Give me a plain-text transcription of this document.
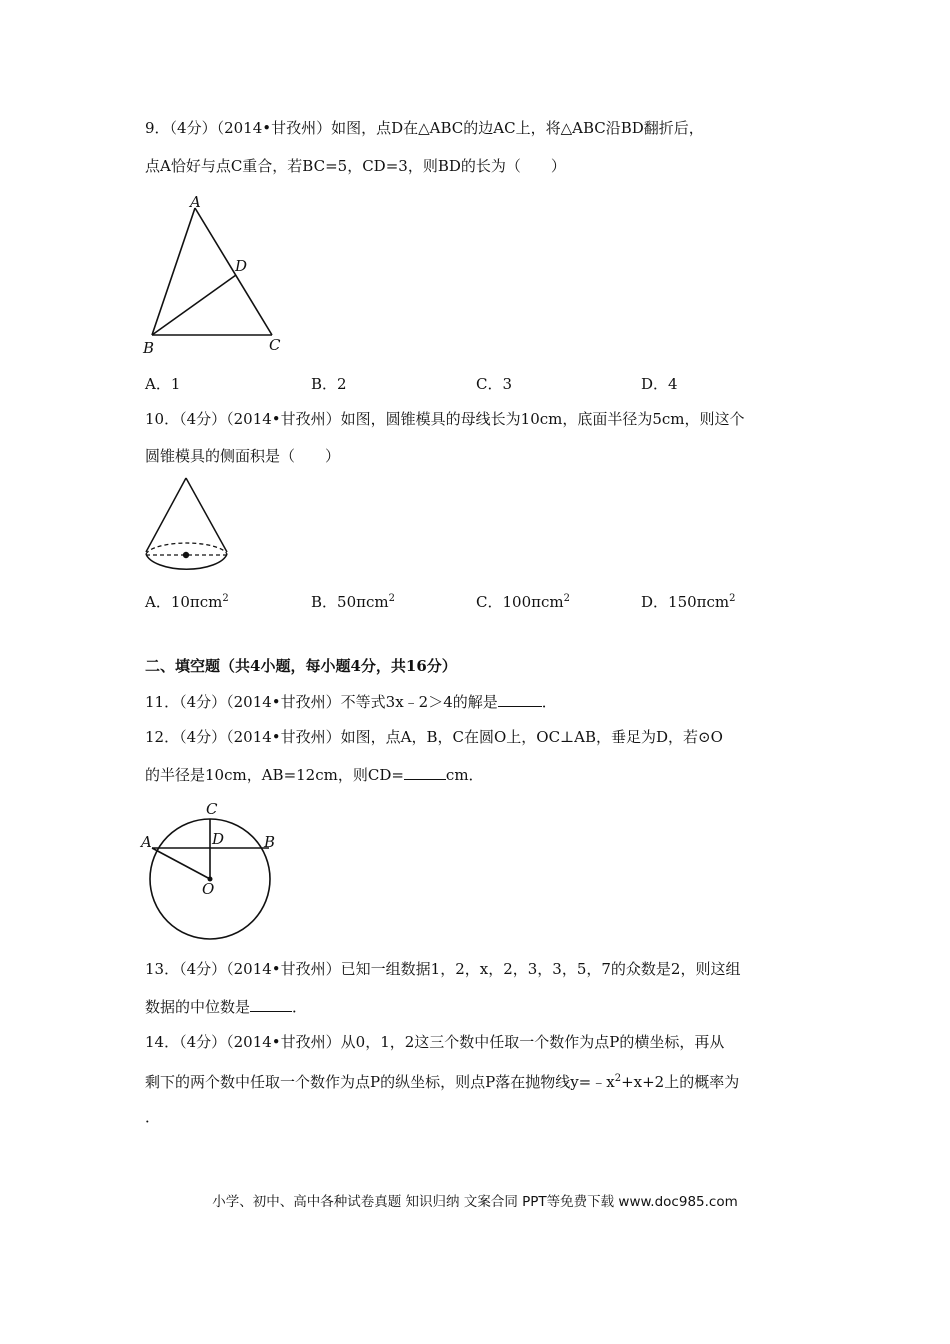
9．（4分）（2014•甘孜州）如图，点D在△ABC的边AC上，将△ABC沿BD翻折后，
点A恰好与点C重合，若BC=5，CD=3，则BD的长为（　　）
A
D
B	C
A．1	B．2	C．3	D．4
10．（4分）（2014•甘孜州）如图，圆锥模具的母线长为10cm，底面半径为5cm，则这个
圆锥模具的侧面积是（　　）
A．10πcm$^2$	B．50πcm$^2$	C．100πcm$^2$	D．150πcm$^2$
二、填空题（共4小题，每小题4分，共16分）
11．（4分）（2014•甘孜州）不等式3x﹣2＞4的解是	．
12．（4分）（2014•甘孜州）如图，点A，B，C在圆O上，OC⊥AB，垂足为D，若⊙O
的半径是10cm，AB=12cm，则CD=	cm．
C
A	D	B
O
13．（4分）（2014•甘孜州）已知一组数据1，2，x，2，3，3，5，7的众数是2，则这组
数据的中位数是	．
14．（4分）（2014•甘孜州）从0，1，2这三个数中任取一个数作为点P的横坐标，再从
剩下的两个数中任取一个数作为点P的纵坐标，则点P落在抛物线$y=﹣x^2+x+2$上的概率为
．
小学、初中、高中各种试卷真题 知识归纳 文案合同 PPT等免费下载 www.doc985.com
